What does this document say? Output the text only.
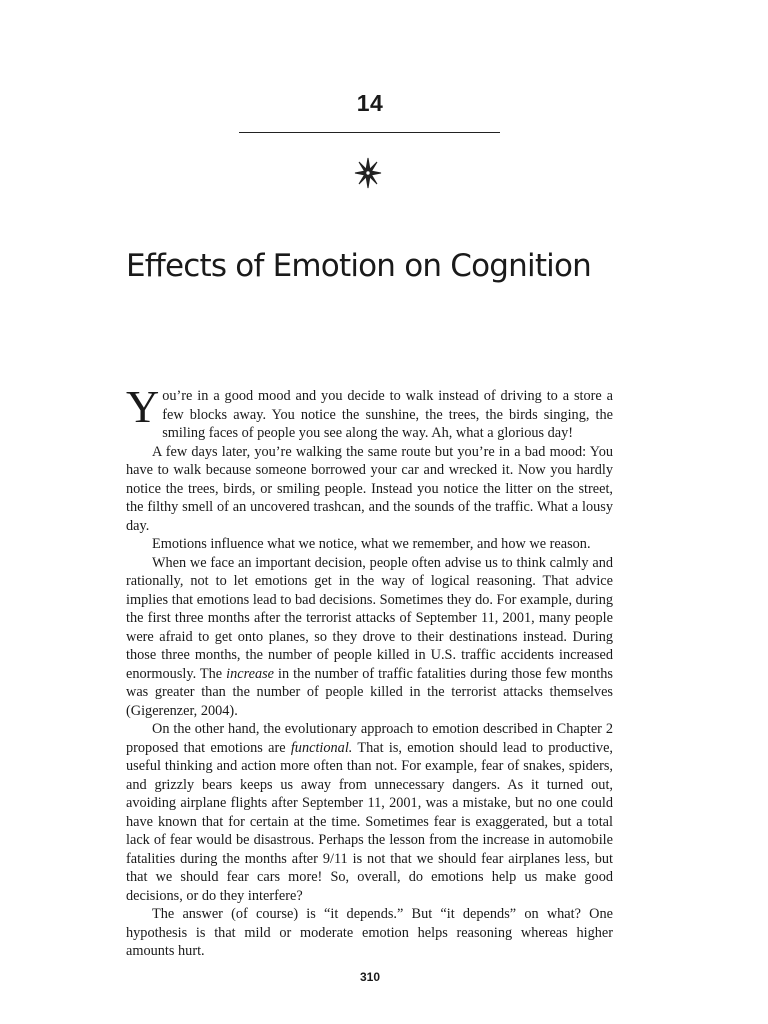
14
Effects of Emotion on Cognition

You’re in a good mood and you decide to walk instead of driving to a store a few blocks away. You notice the sunshine, the trees, the birds singing, the smiling faces of people you see along the way. Ah, what a glorious day!

A few days later, you’re walking the same route but you’re in a bad mood: You have to walk because someone borrowed your car and wrecked it. Now you hardly notice the trees, birds, or smiling people. Instead you notice the litter on the street, the filthy smell of an uncovered trashcan, and the sounds of the traffic. What a lousy day.

Emotions influence what we notice, what we remember, and how we reason.

When we face an important decision, people often advise us to think calmly and rationally, not to let emotions get in the way of logical reasoning. That advice implies that emotions lead to bad decisions. Sometimes they do. For example, during the first three months after the terrorist attacks of September 11, 2001, many people were afraid to get onto planes, so they drove to their destinations instead. During those three months, the number of people killed in U.S. traffic accidents increased enormously. The increase in the number of traffic fatalities during those few months was greater than the number of people killed in the terrorist attacks themselves (Gigerenzer, 2004).

On the other hand, the evolutionary approach to emotion described in Chapter 2 proposed that emotions are functional. That is, emotion should lead to productive, useful thinking and action more often than not. For example, fear of snakes, spiders, and grizzly bears keeps us away from unnecessary dangers. As it turned out, avoiding airplane flights after September 11, 2001, was a mistake, but no one could have known that for certain at the time. Sometimes fear is exaggerated, but a total lack of fear would be disastrous. Perhaps the lesson from the increase in automobile fatalities during the months after 9/11 is not that we should fear airplanes less, but that we should fear cars more! So, overall, do emotions help us make good decisions, or do they interfere?

The answer (of course) is “it depends.” But “it depends” on what? One hypothesis is that mild or moderate emotion helps reasoning whereas higher amounts hurt.

310
